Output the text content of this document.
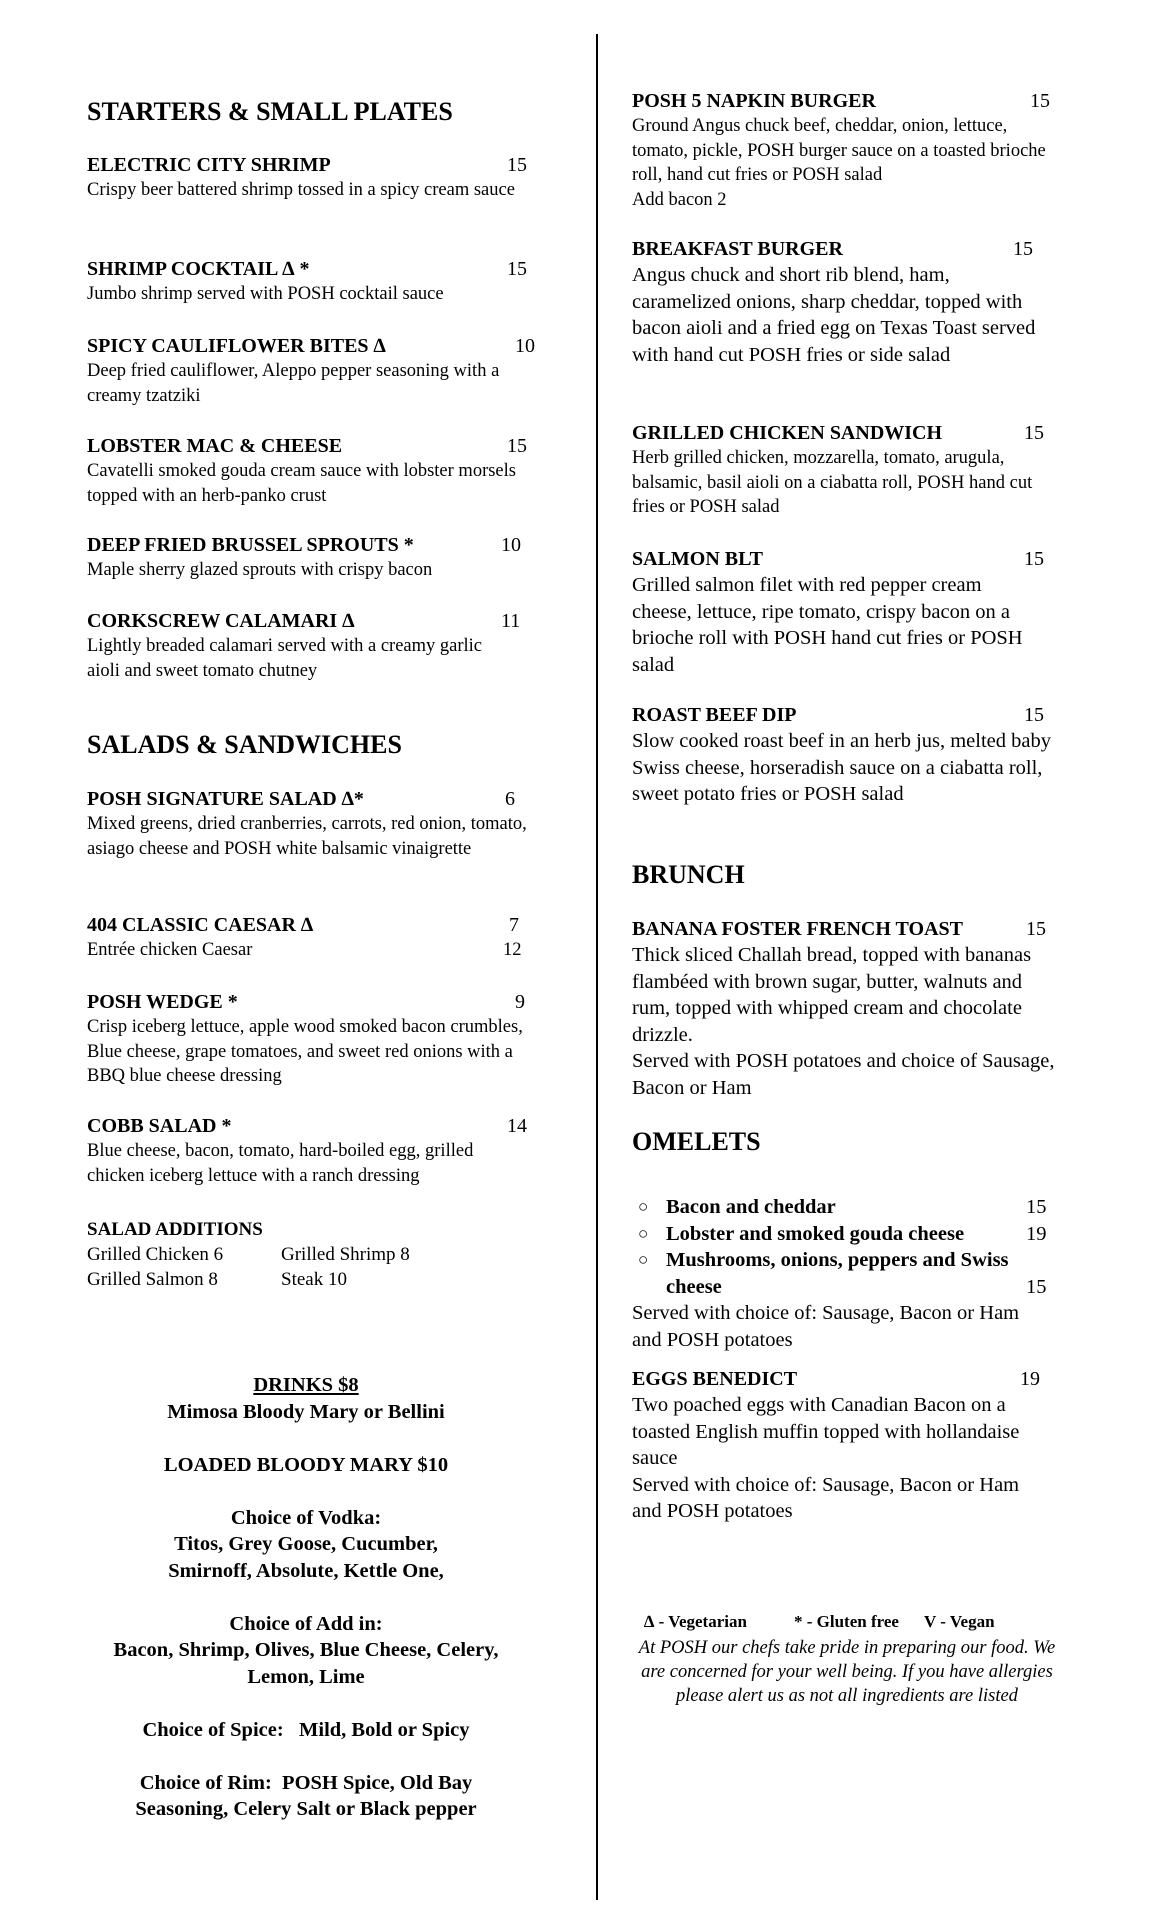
STARTERS & SMALL PLATES
ELECTRIC CITY SHRIMP	15
Crispy beer battered shrimp tossed in a spicy cream sauce
SHRIMP COCKTAIL ∆ *	15
Jumbo shrimp served with POSH cocktail sauce
SPICY CAULIFLOWER BITES ∆	10
Deep fried cauliflower, Aleppo pepper seasoning with a creamy tzatziki
LOBSTER MAC & CHEESE	15
Cavatelli smoked gouda cream sauce with lobster morsels topped with an herb-panko crust
DEEP FRIED BRUSSEL SPROUTS *	10
Maple sherry glazed sprouts with crispy bacon
CORKSCREW CALAMARI ∆	11
Lightly breaded calamari served with a creamy garlic aioli and sweet tomato chutney
SALADS & SANDWICHES
POSH SIGNATURE SALAD ∆*	6
Mixed greens, dried cranberries, carrots, red onion, tomato, asiago cheese and POSH white balsamic vinaigrette
404 CLASSIC CAESAR ∆	7
Entrée chicken Caesar	12
POSH WEDGE *	9
Crisp iceberg lettuce, apple wood smoked bacon crumbles, Blue cheese, grape tomatoes, and sweet red onions with a BBQ blue cheese dressing
COBB SALAD *	14
Blue cheese, bacon, tomato, hard-boiled egg, grilled chicken iceberg lettuce with a ranch dressing
SALAD ADDITIONS
Grilled Chicken 6	Grilled Shrimp 8
Grilled Salmon 8	Steak 10
DRINKS $8
Mimosa Bloody Mary or Bellini
LOADED BLOODY MARY $10
Choice of Vodka:
Titos, Grey Goose, Cucumber,
Smirnoff, Absolute, Kettle One,
Choice of Add in:
Bacon, Shrimp, Olives, Blue Cheese, Celery,
Lemon, Lime
Choice of Spice:   Mild, Bold or Spicy
Choice of Rim:  POSH Spice, Old Bay
Seasoning, Celery Salt or Black pepper
POSH 5 NAPKIN BURGER	15
Ground Angus chuck beef, cheddar, onion, lettuce, tomato, pickle, POSH burger sauce on a toasted brioche roll, hand cut fries or POSH salad
Add bacon 2
BREAKFAST BURGER	15
Angus chuck and short rib blend, ham, caramelized onions, sharp cheddar, topped with bacon aioli and a fried egg on Texas Toast served with hand cut POSH fries or side salad
GRILLED CHICKEN SANDWICH	15
Herb grilled chicken, mozzarella, tomato, arugula, balsamic, basil aioli on a ciabatta roll, POSH hand cut fries or POSH salad
SALMON BLT	15
Grilled salmon filet with red pepper cream cheese, lettuce, ripe tomato, crispy bacon on a brioche roll with POSH hand cut fries or POSH salad
ROAST BEEF DIP	15
Slow cooked roast beef in an herb jus, melted baby Swiss cheese, horseradish sauce on a ciabatta roll, sweet potato fries or POSH salad
BRUNCH
BANANA FOSTER FRENCH TOAST	15
Thick sliced Challah bread, topped with bananas flambéed with brown sugar, butter, walnuts and rum, topped with whipped cream and chocolate drizzle.
Served with POSH potatoes and choice of Sausage, Bacon or Ham
OMELETS
○ Bacon and cheddar	15
○ Lobster and smoked gouda cheese	19
○ Mushrooms, onions, peppers and Swiss
cheese	15
Served with choice of: Sausage, Bacon or Ham and POSH potatoes
EGGS BENEDICT	19
Two poached eggs with Canadian Bacon on a toasted English muffin topped with hollandaise sauce
Served with choice of: Sausage, Bacon or Ham and POSH potatoes
∆ - Vegetarian	* - Gluten free V - Vegan
At POSH our chefs take pride in preparing our food. We are concerned for your well being. If you have allergies please alert us as not all ingredients are listed
